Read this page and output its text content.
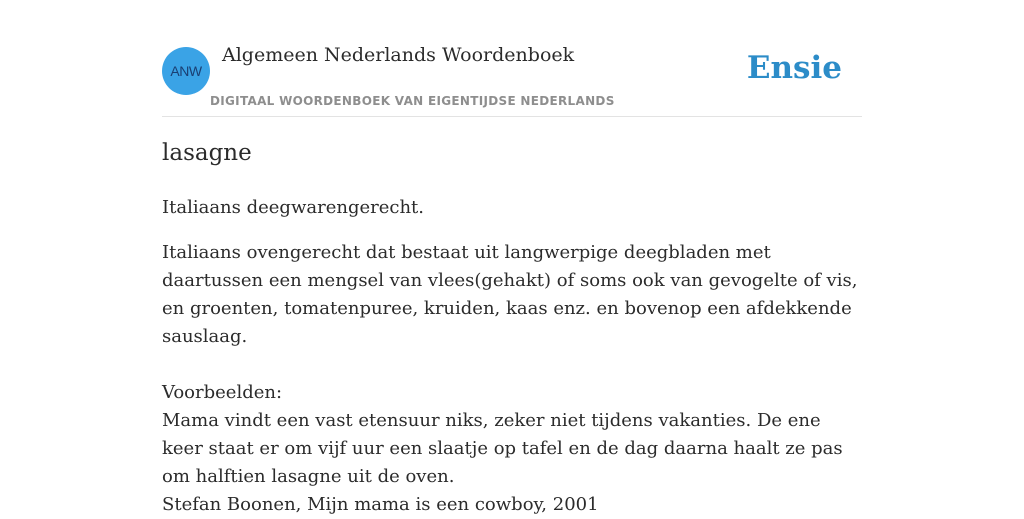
ANW
Algemeen Nederlands Woordenboek
DIGITAAL WOORDENBOEK VAN EIGENTIJDSE NEDERLANDS
Ensie
lasagne
Italiaans deegwarengerecht.
Italiaans ovengerecht dat bestaat uit langwerpige deegbladen met daartussen een mengsel van vlees(gehakt) of soms ook van gevogelte of vis, en groenten, tomatenpuree, kruiden, kaas enz. en bovenop een afdekkende sauslaag.
Voorbeelden:
Mama vindt een vast etensuur niks, zeker niet tijdens vakanties. De ene keer staat er om vijf uur een slaatje op tafel en de dag daarna haalt ze pas om halftien lasagne uit de oven.
Stefan Boonen, Mijn mama is een cowboy, 2001
